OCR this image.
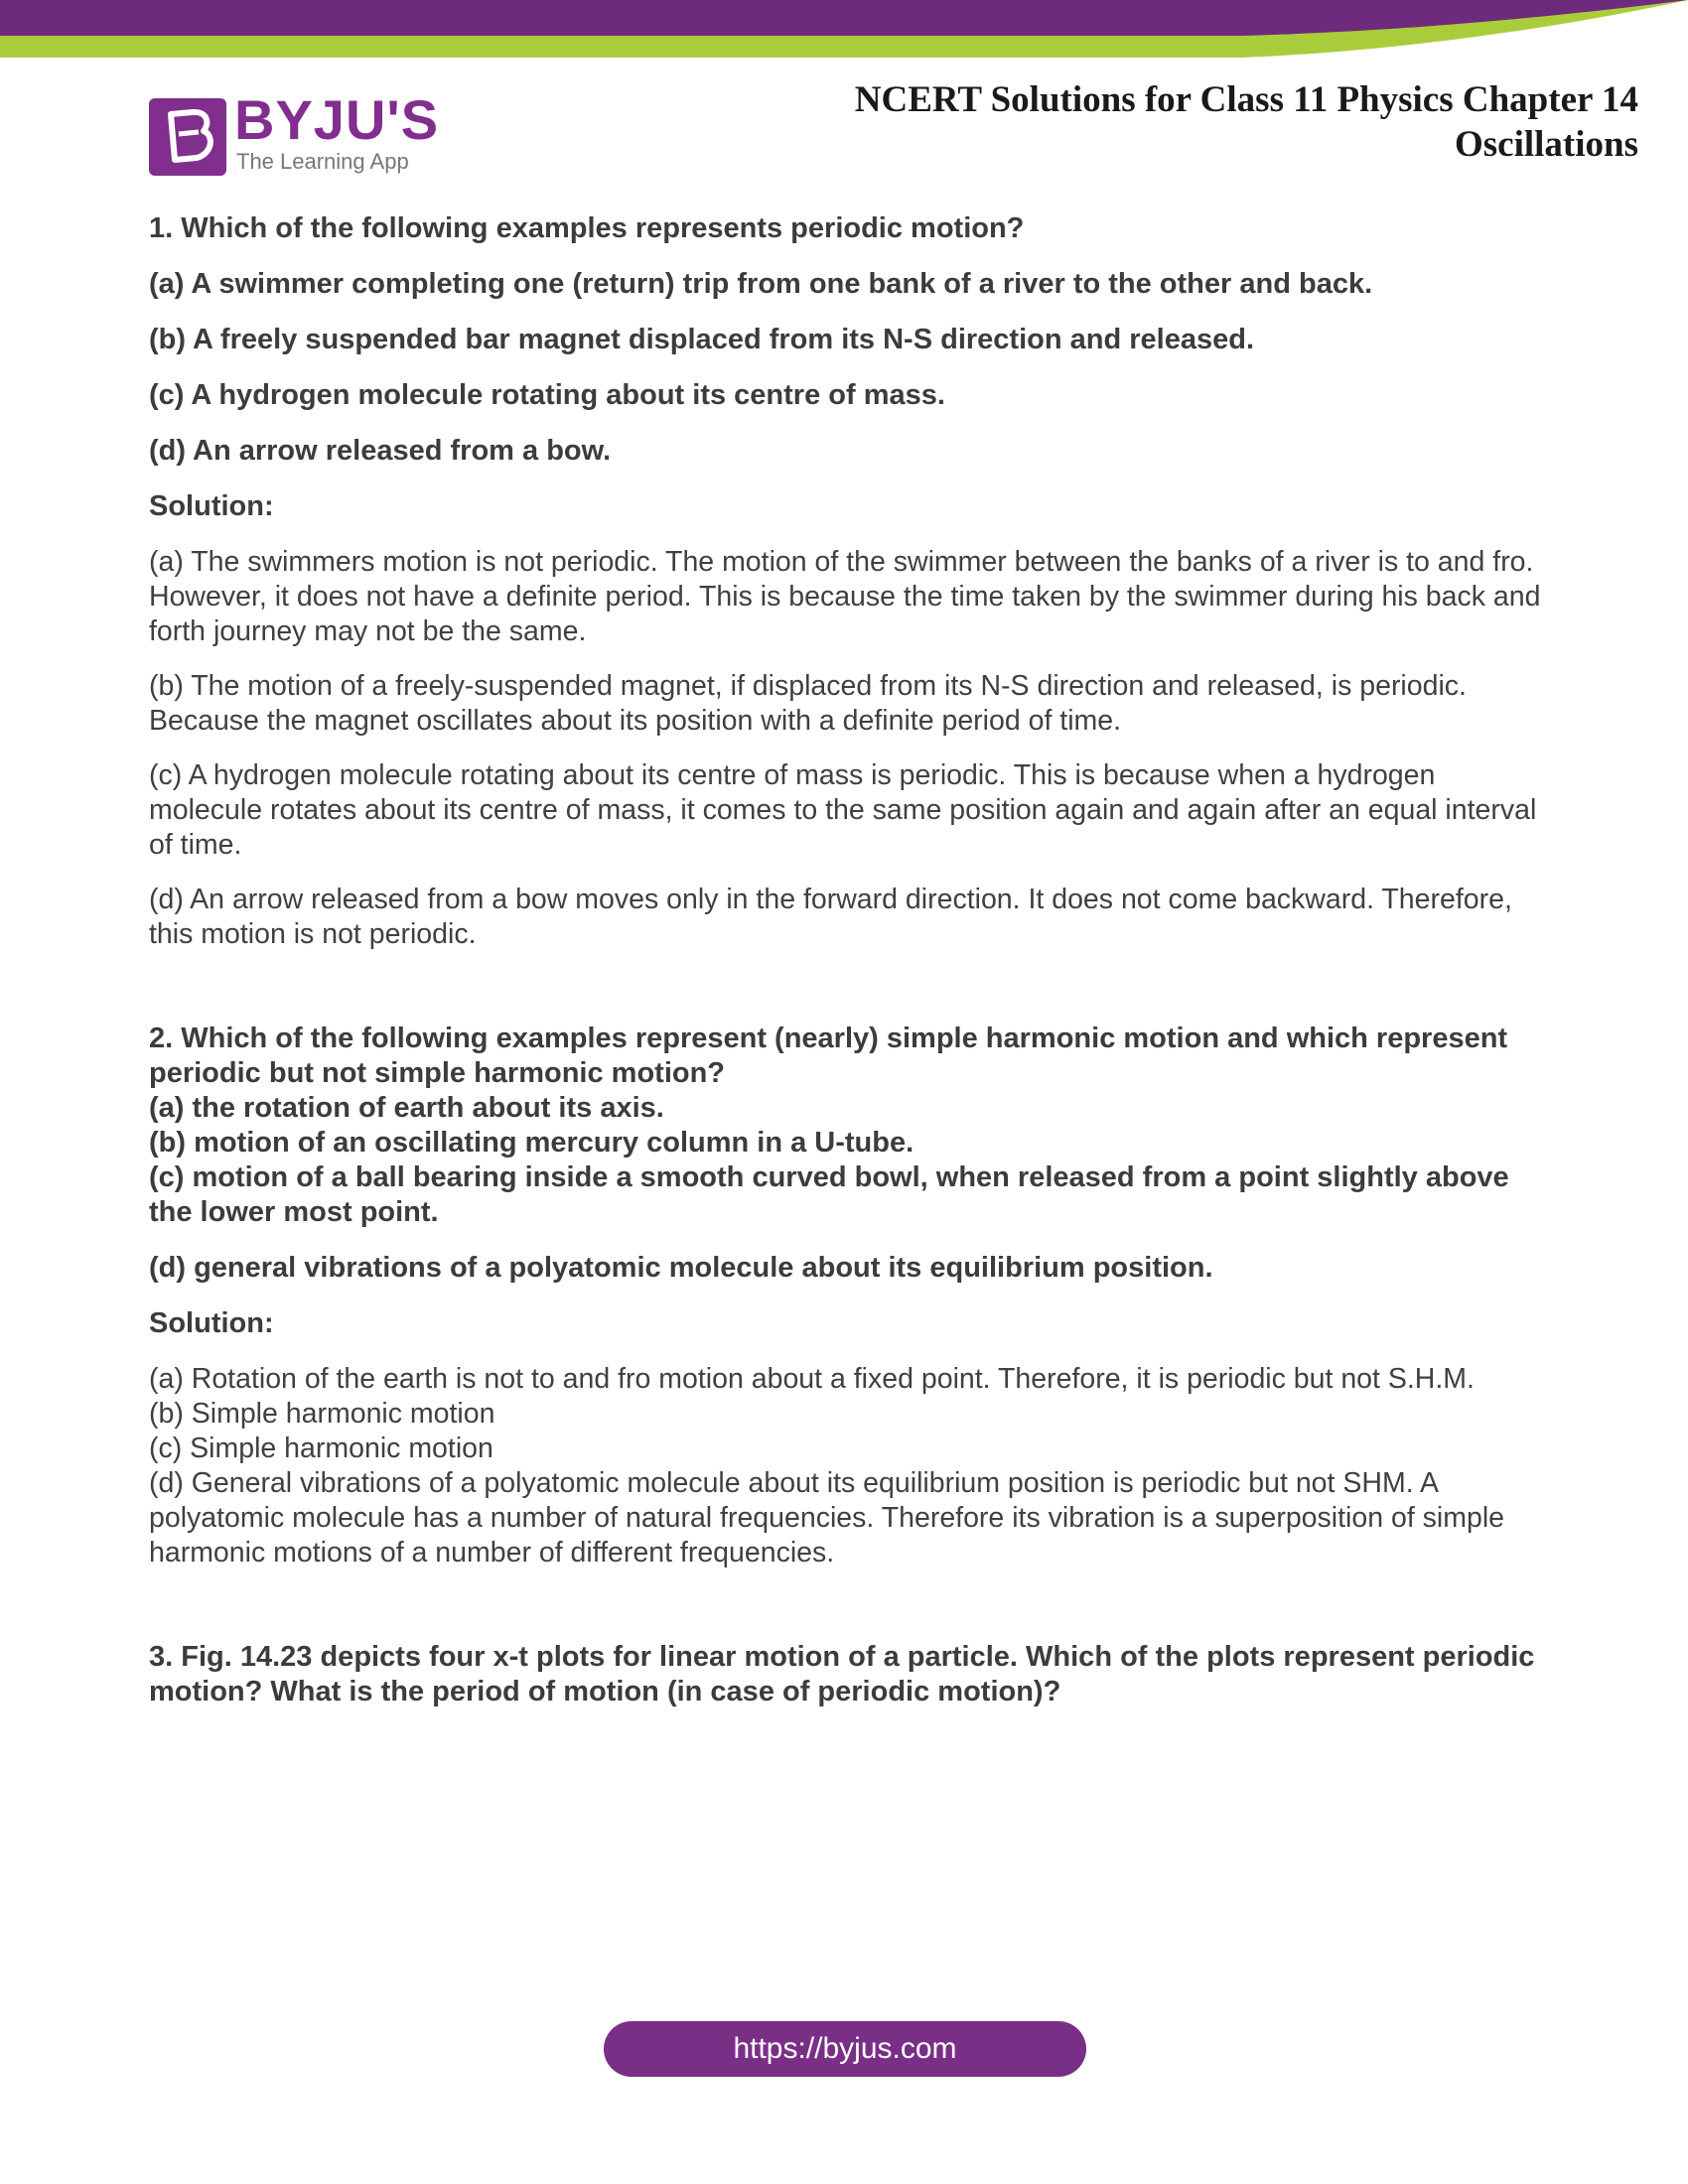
NCERT Solutions for Class 11 Physics Chapter 14
Oscillations
BYJU'S
The Learning App
1. Which of the following examples represents periodic motion?
(a) A swimmer completing one (return) trip from one bank of a river to the other and back.
(b) A freely suspended bar magnet displaced from its N-S direction and released.
(c) A hydrogen molecule rotating about its centre of mass.
(d) An arrow released from a bow.
Solution:
(a) The swimmers motion is not periodic. The motion of the swimmer between the banks of a river is to and fro. However, it does not have a definite period. This is because the time taken by the swimmer during his back and forth journey may not be the same.
(b) The motion of a freely-suspended magnet, if displaced from its N-S direction and released, is periodic. Because the magnet oscillates about its position with a definite period of time.
(c) A hydrogen molecule rotating about its centre of mass is periodic. This is because when a hydrogen molecule rotates about its centre of mass, it comes to the same position again and again after an equal interval of time.
(d) An arrow released from a bow moves only in the forward direction. It does not come backward. Therefore, this motion is not periodic.
2. Which of the following examples represent (nearly) simple harmonic motion and which represent periodic but not simple harmonic motion?
(a) the rotation of earth about its axis.
(b) motion of an oscillating mercury column in a U-tube.
(c) motion of a ball bearing inside a smooth curved bowl, when released from a point slightly above the lower most point.
(d) general vibrations of a polyatomic molecule about its equilibrium position.
Solution:
(a) Rotation of the earth is not to and fro motion about a fixed point. Therefore, it is periodic but not S.H.M.
(b) Simple harmonic motion
(c) Simple harmonic motion
(d) General vibrations of a polyatomic molecule about its equilibrium position is periodic but not SHM. A polyatomic molecule has a number of natural frequencies. Therefore its vibration is a superposition of simple harmonic motions of a number of different frequencies.
3. Fig. 14.23 depicts four x-t plots for linear motion of a particle. Which of the plots represent periodic motion? What is the period of motion (in case of periodic motion)?
https://byjus.com
